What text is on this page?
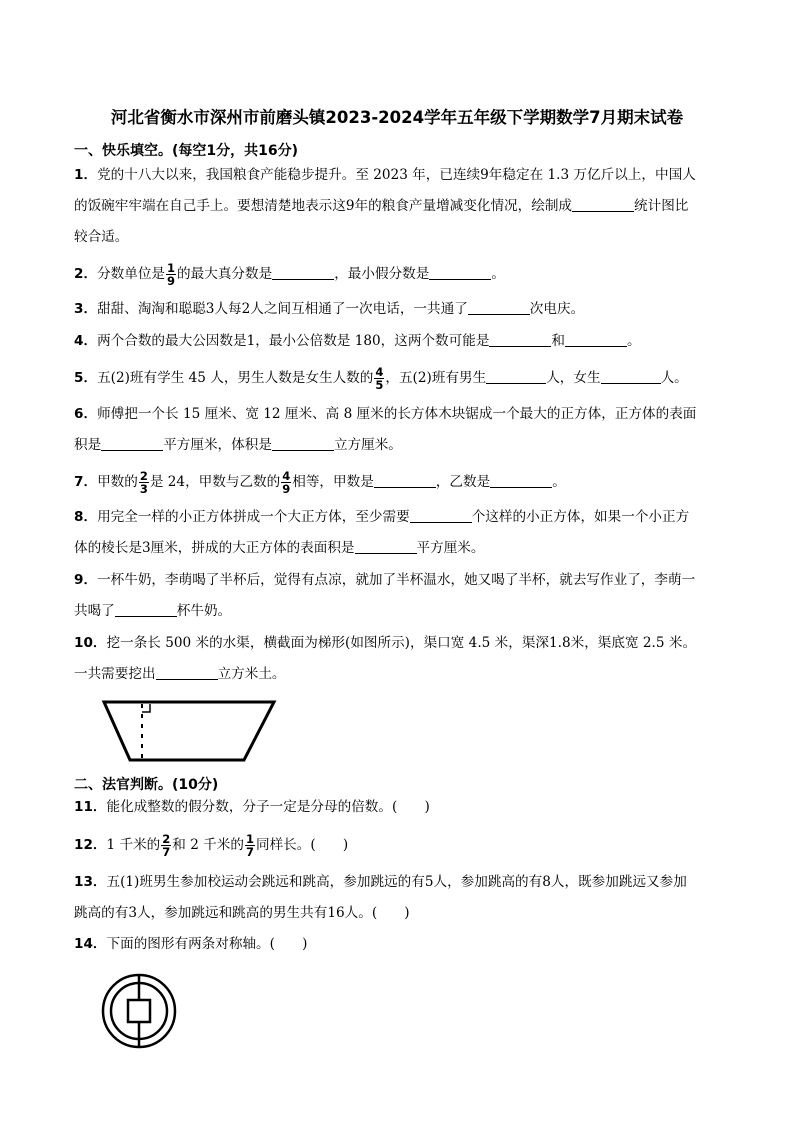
河北省衡水市深州市前磨头镇2023-2024学年五年级下学期数学7月期末试卷
一、快乐填空。(每空1分，共16分)
1．党的十八大以来，我国粮食产能稳步提升。至 2023 年，已连续9年稳定在 1.3 万亿斤以上，中国人
的饭碗牢牢端在自己手上。要想清楚地表示这9年的粮食产量增减变化情况，绘制成	统计图比
较合适。
2．分数单位是 $\frac{1}{9}$ 的最大真分数是	，最小假分数是	。
3．甜甜、淘淘和聪聪3人每2人之间互相通了一次电话，一共通了	次电庆。
4．两个合数的最大公因数是1，最小公倍数是 180，这两个数可能是	和	。
5．五(2)班有学生 45 人，男生人数是女生人数的 $\frac{4}{5}$ ，五(2)班有男生	人，女生	人。
6．师傅把一个长 15 厘米、宽 12 厘米、高 8 厘米的长方体木块锯成一个最大的正方体，正方体的表面
积是	平方厘米，体积是	立方厘米。
7．甲数的 $\frac{2}{3}$ 是 24，甲数与乙数的 $\frac{4}{9}$ 相等，甲数是	，乙数是	。
8．用完全一样的小正方体拼成一个大正方体，至少需要	个这样的小正方体，如果一个小正方
体的棱长是3厘米，拼成的大正方体的表面积是	平方厘米。
9．一杯牛奶，李萌喝了半杯后，觉得有点凉，就加了半杯温水，她又喝了半杯，就去写作业了，李萌一
共喝了	杯牛奶。
10．挖一条长 500 米的水渠，横截面为梯形(如图所示)，渠口宽 4.5 米，渠深1.8米，渠底宽 2.5 米。
一共需要挖出	立方米土。
二、法官判断。(10分)
11．能化成整数的假分数，分子一定是分母的倍数。(　　)
12．1 千米的 $\frac{2}{7}$ 和 2 千米的 $\frac{1}{7}$ 同样长。(　　)
13．五(1)班男生参加校运动会跳远和跳高，参加跳远的有5人，参加跳高的有8人，既参加跳远又参加
跳高的有3人，参加跳远和跳高的男生共有16人。(　　)
14．下面的图形有两条对称轴。(　　)
